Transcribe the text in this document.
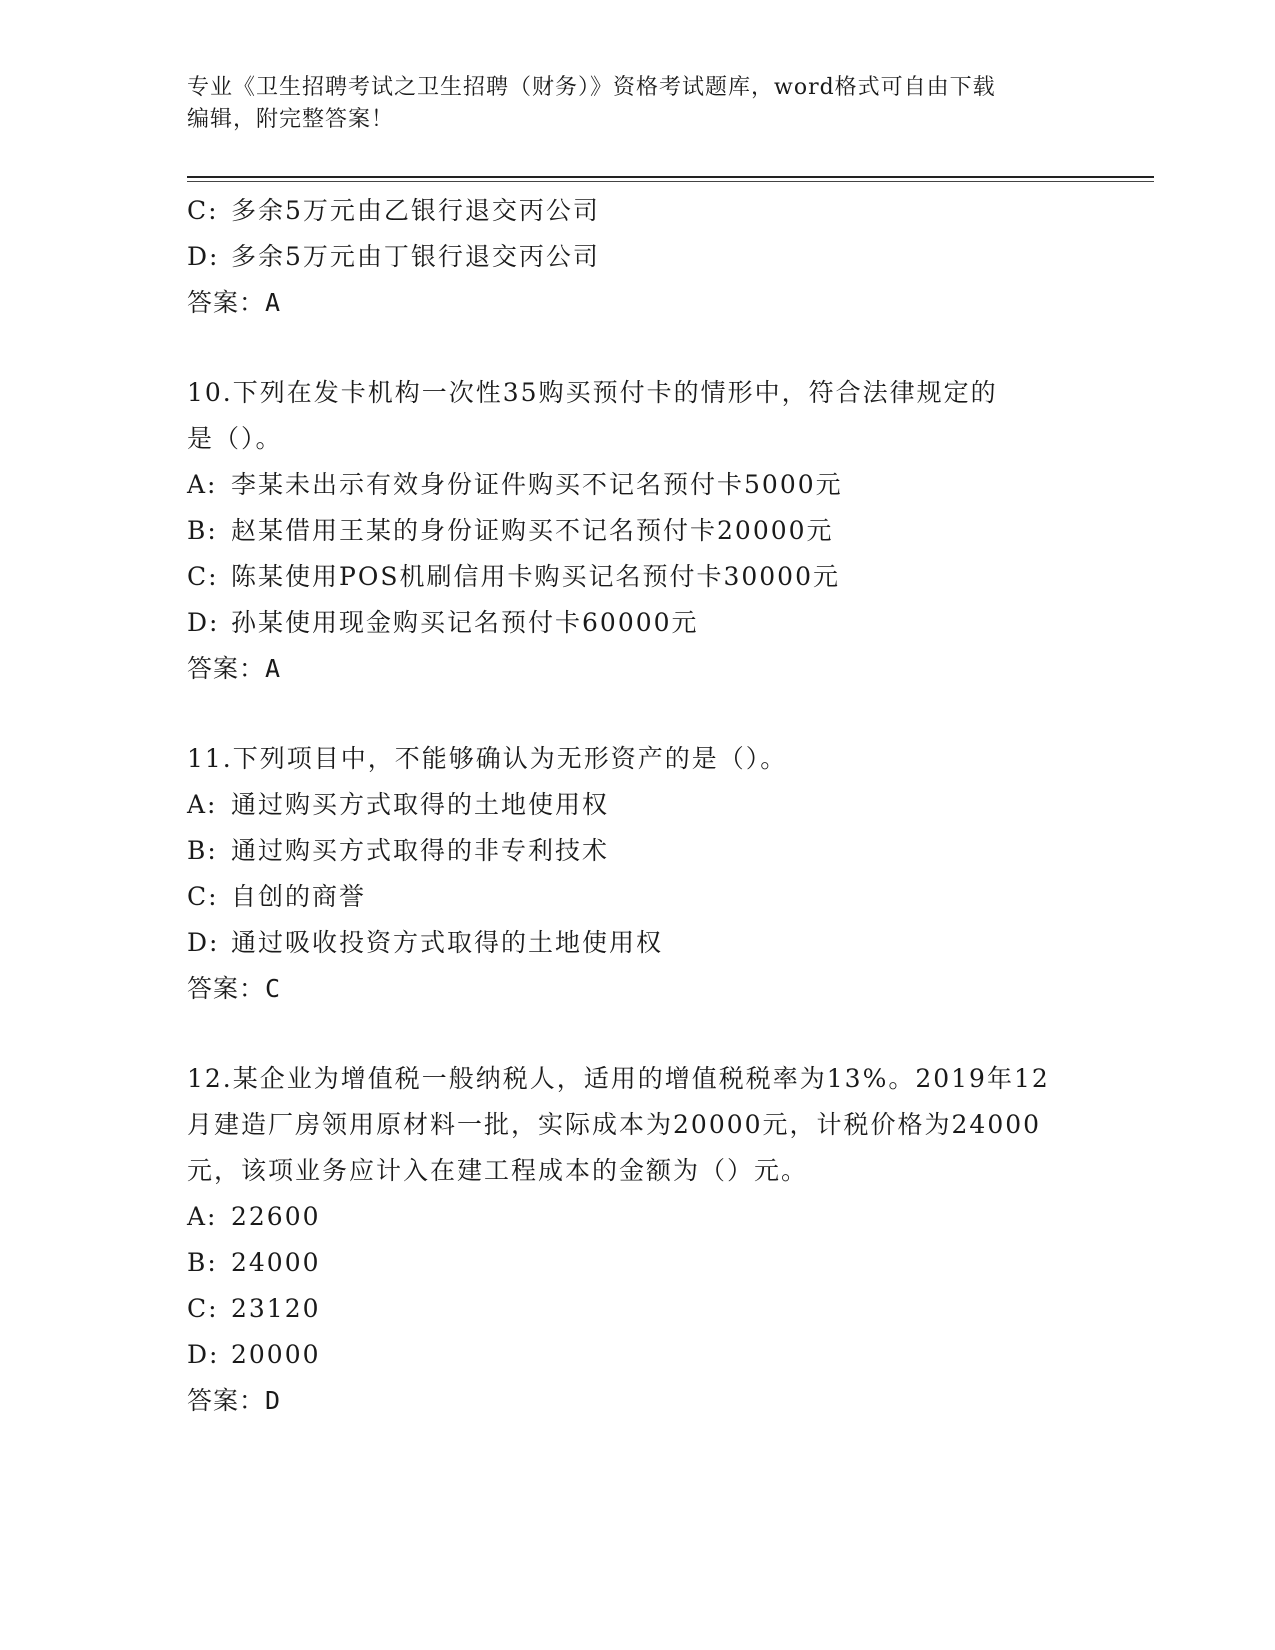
专业《卫生招聘考试之卫生招聘（财务）》资格考试题库，word格式可自由下载
编辑，附完整答案！
C: 多余5万元由乙银行退交丙公司
D: 多余5万元由丁银行退交丙公司
答案：A
10.下列在发卡机构一次性35购买预付卡的情形中，符合法律规定的
是（）。
A: 李某未出示有效身份证件购买不记名预付卡5000元
B: 赵某借用王某的身份证购买不记名预付卡20000元
C: 陈某使用POS机刷信用卡购买记名预付卡30000元
D: 孙某使用现金购买记名预付卡60000元
答案：A
11.下列项目中，不能够确认为无形资产的是（）。
A: 通过购买方式取得的土地使用权
B: 通过购买方式取得的非专利技术
C: 自创的商誉
D: 通过吸收投资方式取得的土地使用权
答案：C
12.某企业为增值税一般纳税人，适用的增值税税率为13%。2019年12
月建造厂房领用原材料一批，实际成本为20000元，计税价格为24000
元，该项业务应计入在建工程成本的金额为（）元。
A: 22600
B: 24000
C: 23120
D: 20000
答案：D
